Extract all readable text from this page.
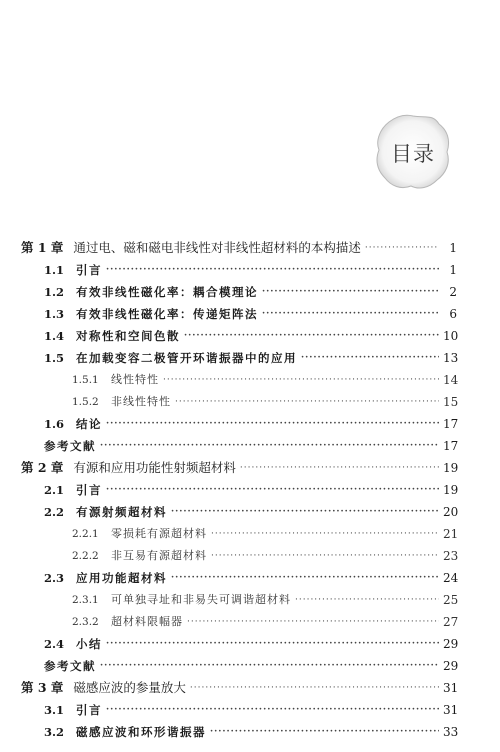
目录
第 1 章 通过电、磁和磁电非线性对非线性超材料的本构描述 ·····	1
1.1	引言 ·····	1
1.2	有效非线性磁化率：耦合模理论 ·····	2
1.3	有效非线性磁化率：传递矩阵法 ·····	6
1.4	对称性和空间色散 ·····	10
1.5	在加载变容二极管开环谐振器中的应用 ·····	13
1.5.1	线性特性 ·····	14
1.5.2	非线性特性 ·····	15
1.6	结论 ·····	17
参考文献 ·····	17
第 2 章 有源和应用功能性射频超材料 ·····	19
2.1	引言 ·····	19
2.2	有源射频超材料 ·····	20
2.2.1	零损耗有源超材料 ·····	21
2.2.2	非互易有源超材料 ·····	23
2.3	应用功能超材料 ·····	24
2.3.1	可单独寻址和非易失可调谐超材料 ·····	25
2.3.2	超材料限幅器 ·····	27
2.4	小结 ·····	29
参考文献 ·····	29
第 3 章 磁感应波的参量放大 ·····	31
3.1	引言 ·····	31
3.2	磁感应波和环形谐振器 ·····	33
